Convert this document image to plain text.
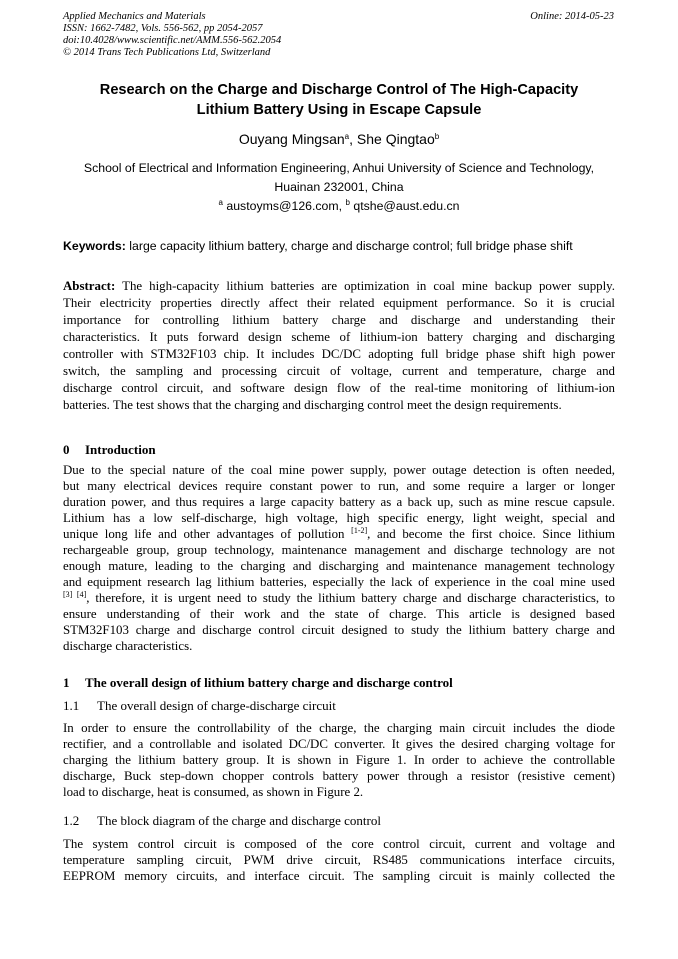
Applied Mechanics and Materials
ISSN: 1662-7482, Vols. 556-562, pp 2054-2057
doi:10.4028/www.scientific.net/AMM.556-562.2054
© 2014 Trans Tech Publications Ltd, Switzerland
Online: 2014-05-23
Research on the Charge and Discharge Control of The High-Capacity
Lithium Battery Using in Escape Capsule
Ouyang Mingsan$^a$, She Qingtao$^b$
School of Electrical and Information Engineering, Anhui University of Science and Technology,
Huainan 232001, China
$^a$ austoyms@126.com, $^b$ qtshe@aust.edu.cn
Keywords: large capacity lithium battery, charge and discharge control; full bridge phase shift
Abstract: The high-capacity lithium batteries are optimization in coal mine backup power supply.
Their electricity properties directly affect their related equipment performance. So it is crucial
importance for controlling lithium battery charge and discharge and understanding their
characteristics. It puts forward design scheme of lithium-ion battery charging and discharging
controller with STM32F103 chip. It includes DC/DC adopting full bridge phase shift high power
switch, the sampling and processing circuit of voltage, current and temperature, charge and
discharge control circuit, and software design flow of the real-time monitoring of lithium-ion
batteries. The test shows that the charging and discharging control meet the design requirements.
0 Introduction
Due to the special nature of the coal mine power supply, power outage detection is often needed,
but many electrical devices require constant power to run, and some require a larger or longer
duration power, and thus requires a large capacity battery as a back up, such as mine rescue capsule.
Lithium has a low self-discharge, high voltage, high specific energy, light weight, special and
unique long life and other advantages of pollution [1-2], and become the first choice. Since lithium
rechargeable group, group technology, maintenance management and discharge technology are not
enough mature, leading to the charging and discharging and maintenance management technology
and equipment research lag lithium batteries, especially the lack of experience in the coal mine used
[3] [4], therefore, it is urgent need to study the lithium battery charge and discharge characteristics, to
ensure understanding of their work and the state of charge. This article is designed based
STM32F103 charge and discharge control circuit designed to study the lithium battery charge and
discharge characteristics.
1 The overall design of lithium battery charge and discharge control
1.1 The overall design of charge-discharge circuit
In order to ensure the controllability of the charge, the charging main circuit includes the diode
rectifier, and a controllable and isolated DC/DC converter. It gives the desired charging voltage for
charging the lithium battery group. It is shown in Figure 1. In order to achieve the controllable
discharge, Buck step-down chopper controls battery power through a resistor (resistive cement)
load to discharge, heat is consumed, as shown in Figure 2.
1.2 The block diagram of the charge and discharge control
The system control circuit is composed of the core control circuit, current and voltage and
temperature sampling circuit, PWM drive circuit, RS485 communications interface circuits,
EEPROM memory circuits, and interface circuit. The sampling circuit is mainly collected the
